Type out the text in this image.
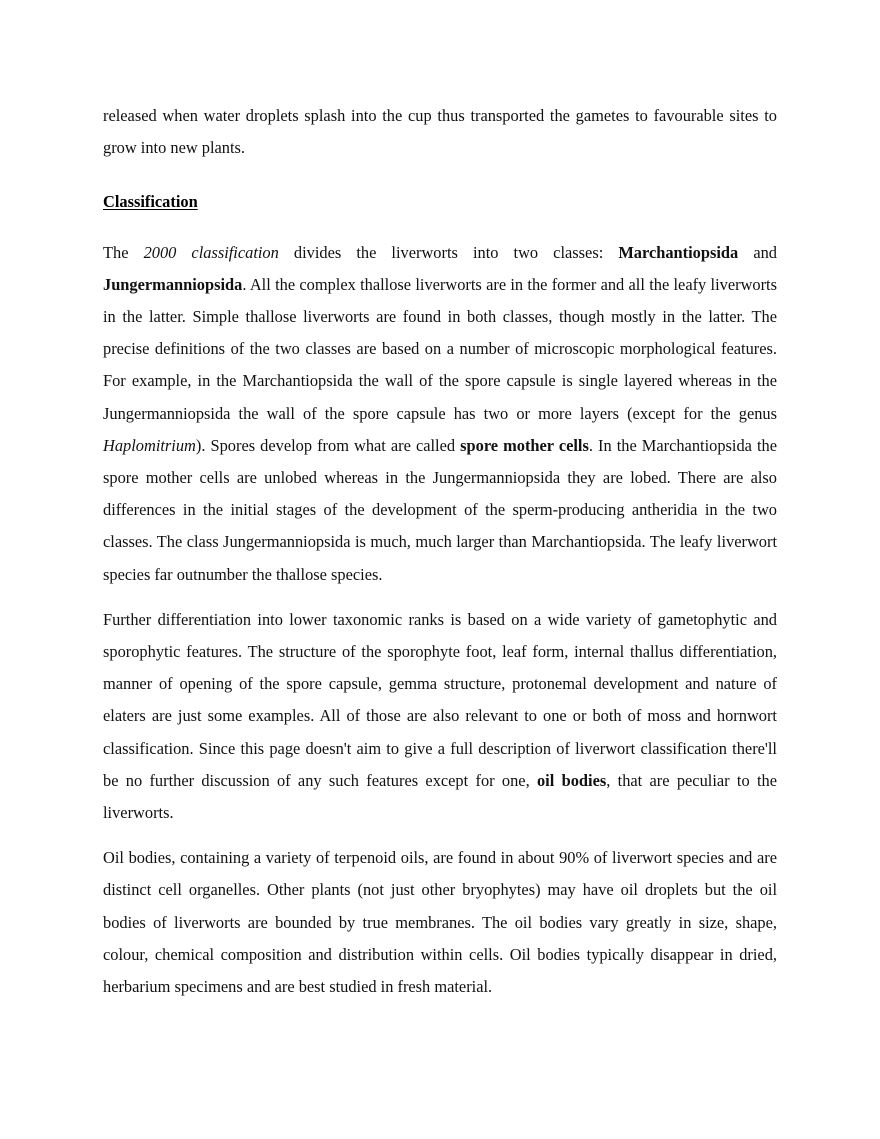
released when water droplets splash into the cup thus transported the gametes to favourable sites to grow into new plants.

Classification

The 2000 classification divides the liverworts into two classes: Marchantiopsida and Jungermanniopsida. All the complex thallose liverworts are in the former and all the leafy liverworts in the latter. Simple thallose liverworts are found in both classes, though mostly in the latter. The precise definitions of the two classes are based on a number of microscopic morphological features. For example, in the Marchantiopsida the wall of the spore capsule is single layered whereas in the Jungermanniopsida the wall of the spore capsule has two or more layers (except for the genus Haplomitrium). Spores develop from what are called spore mother cells. In the Marchantiopsida the spore mother cells are unlobed whereas in the Jungermanniopsida they are lobed. There are also differences in the initial stages of the development of the sperm-producing antheridia in the two classes. The class Jungermanniopsida is much, much larger than Marchantiopsida. The leafy liverwort species far outnumber the thallose species.

Further differentiation into lower taxonomic ranks is based on a wide variety of gametophytic and sporophytic features. The structure of the sporophyte foot, leaf form, internal thallus differentiation, manner of opening of the spore capsule, gemma structure, protonemal development and nature of elaters are just some examples. All of those are also relevant to one or both of moss and hornwort classification. Since this page doesn't aim to give a full description of liverwort classification there'll be no further discussion of any such features except for one, oil bodies, that are peculiar to the liverworts.

Oil bodies, containing a variety of terpenoid oils, are found in about 90% of liverwort species and are distinct cell organelles. Other plants (not just other bryophytes) may have oil droplets but the oil bodies of liverworts are bounded by true membranes. The oil bodies vary greatly in size, shape, colour, chemical composition and distribution within cells. Oil bodies typically disappear in dried, herbarium specimens and are best studied in fresh material.
